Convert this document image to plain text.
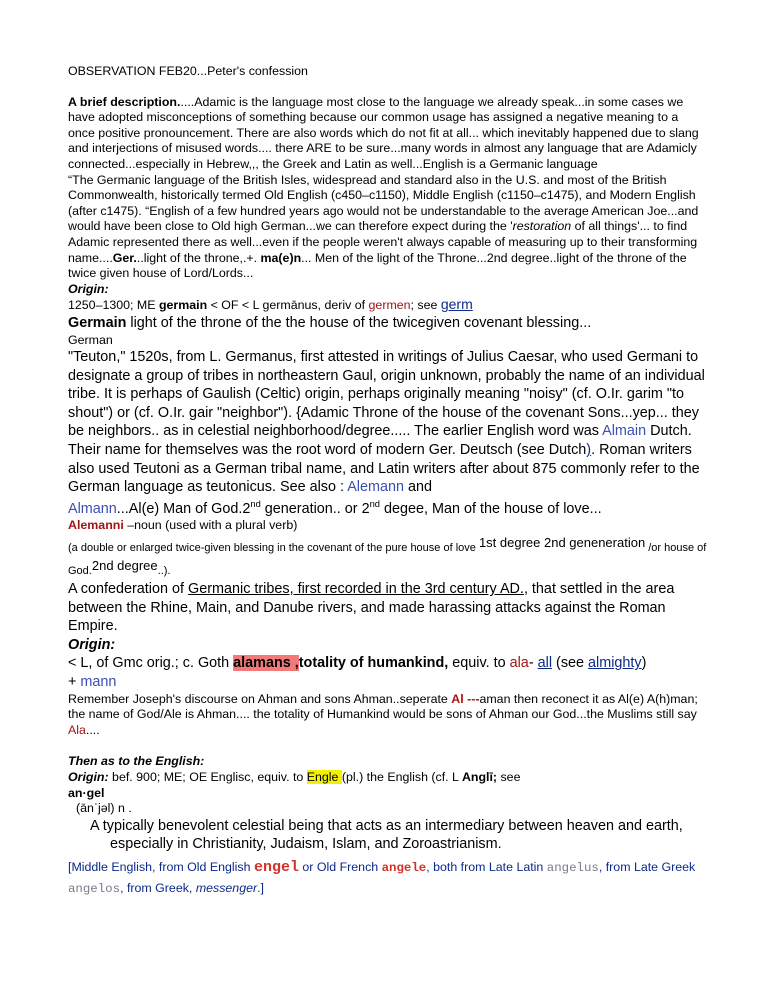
OBSERVATION FEB20...Peter's confession

A brief description.....Adamic is the language most close to the language we already speak...in some cases we have adopted misconceptions of something because our common usage has assigned a negative meaning to a once positive pronouncement. There are also words which do not fit at all... which inevitably happened due to slang and interjections of misused words.... there ARE to be sure...many words in almost any language that are Adamicly connected...especially in Hebrew,,, the Greek and Latin as well...English is a Germanic language

“The Germanic language of the British Isles, widespread and standard also in the U.S. and most of the British Commonwealth, historically termed Old English (c450–c1150), Middle English (c1150–c1475), and Modern English (after c1475). “English of a few hundred years ago would not be understandable to the average American Joe...and would have been close to Old high German...we can therefore expect during the 'restoration of all things'... to find Adamic represented there as well...even if the people weren't always capable of measuring up to their transforming name....Ger...light of the throne,.+. ma(e)n... Men of the light of the Throne...2nd degree..light of the throne of the twice given house of Lord/Lords...

Origin:

1250–1300; ME germain < OF < L germānus, deriv of germen; see germ

Germain light of the throne of the the house of the twicegiven covenant blessing...

German

"Teuton," 1520s, from L. Germanus, first attested in writings of Julius Caesar, who used Germani to designate a group of tribes in northeastern Gaul, origin unknown, probably the name of an individual tribe. It is perhaps of Gaulish (Celtic) origin, perhaps originally meaning "noisy" (cf. O.Ir. garim "to shout") or (cf. O.Ir. gair "neighbor"). {Adamic Throne of the house of the covenant Sons...yep... they be neighbors.. as in celestial neighborhood/degree..... The earlier English word was Almain Dutch. Their name for themselves was the root word of modern Ger. Deutsch (see Dutch). Roman writers also used Teutoni as a German tribal name, and Latin writers after about 875 commonly refer to the German language as teutonicus. See also : Alemann and

Almann...Al(e) Man of God.2nd generation.. or 2nd degee, Man of the house of love...

Alemanni –noun (used with a plural verb)

(a double or enlarged twice-given blessing in the covenant of the pure house of love 1st degree 2nd geneneration /or house of God.2nd degree..).

A confederation of Germanic tribes, first recorded in the 3rd century AD., that settled in the area between the Rhine, Main, and Danube rivers, and made harassing attacks against the Roman Empire.

Origin:

< L, of Gmc orig.; c. Goth alamans ,totality of humankind, equiv. to ala- all (see almighty)
+ mann

Remember Joseph's discourse on Ahman and sons Ahman..seperate Al ---aman then reconect it as Al(e) A(h)man; the name of God/Ale is Ahman.... the totality of Humankind would be sons of Ahman our God...the Muslims still say Ala....

Then as to the English:

Origin: bef. 900; ME; OE Englisc, equiv. to Engle (pl.) the English (cf. L Anglī; see

an·gel

(ānˈjəl) n .

A typically benevolent celestial being that acts as an intermediary between heaven and earth, especially in Christianity, Judaism, Islam, and Zoroastrianism.

[Middle English, from Old English engel or Old French angele, both from Late Latin angelus, from Late Greek angelos, from Greek, messenger.]
